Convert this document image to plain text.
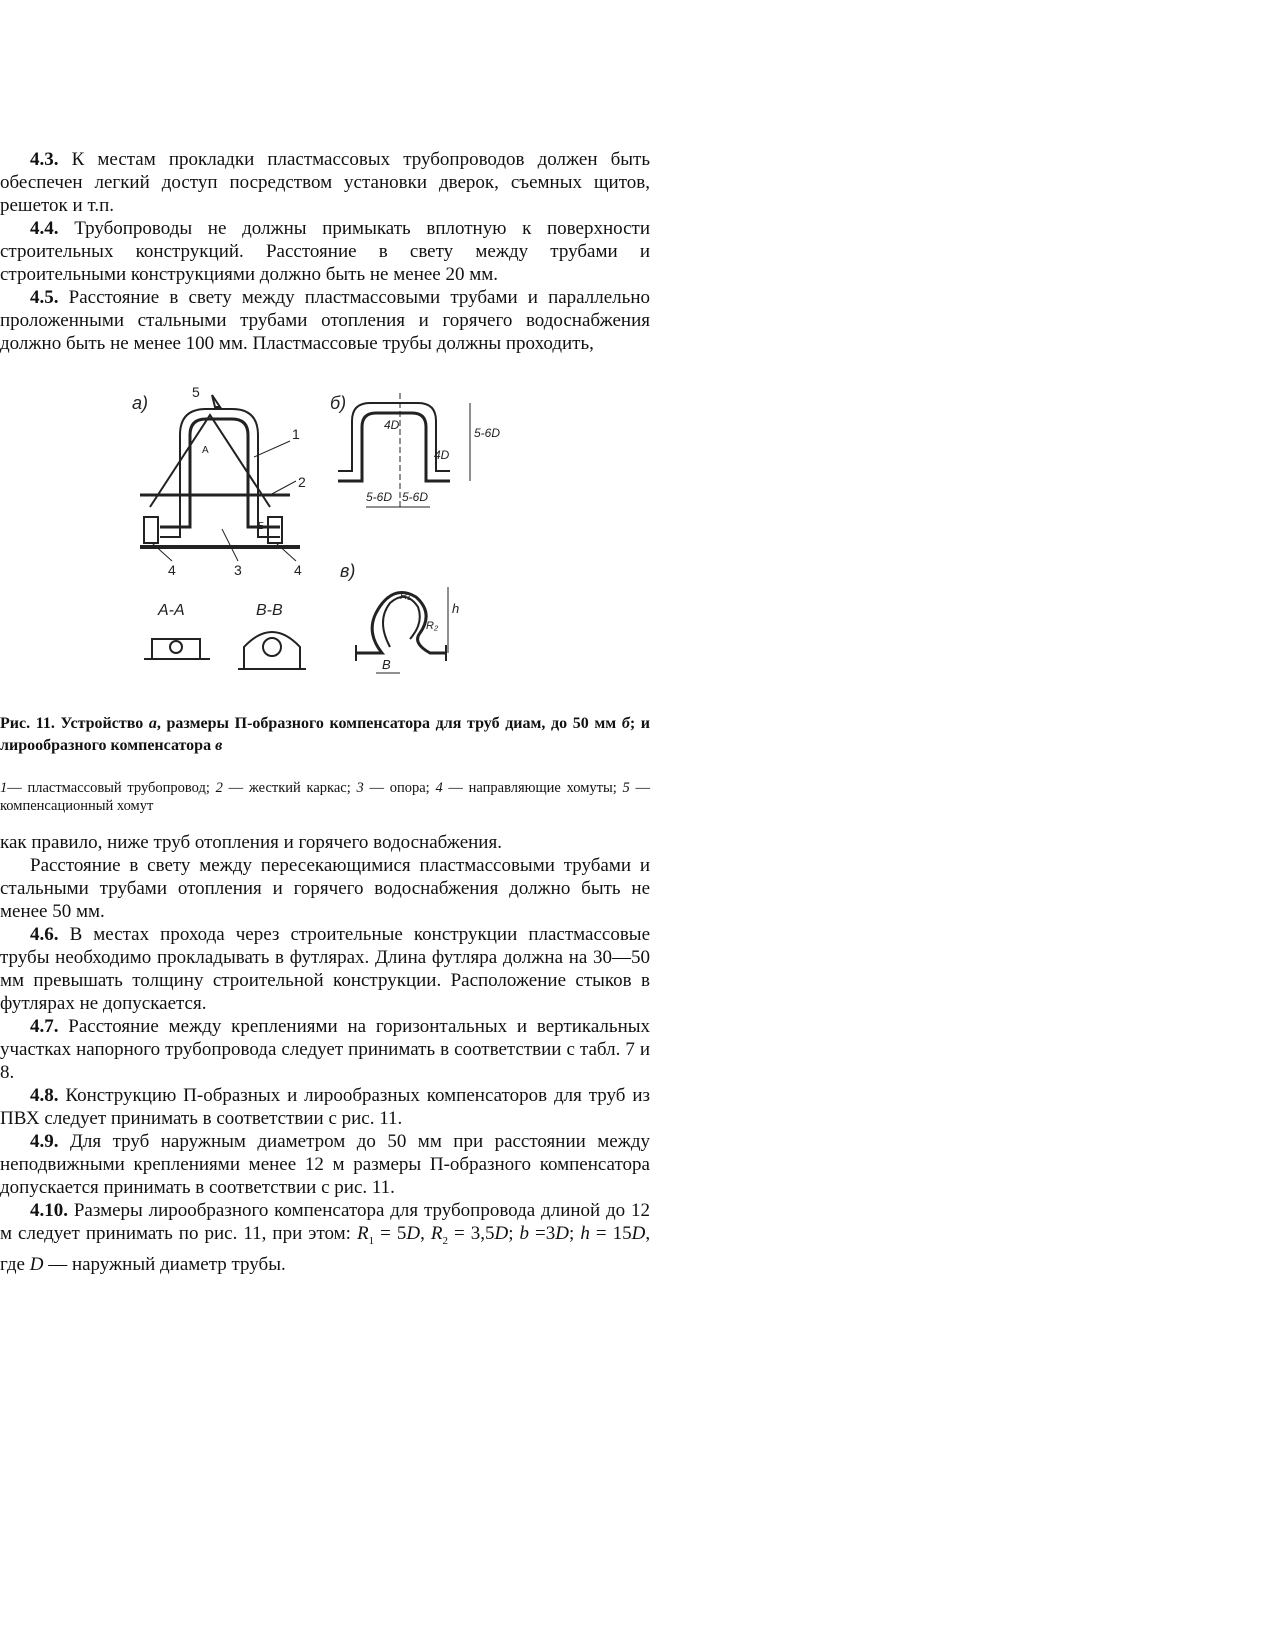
4.3. К местам прокладки пластмассовых трубопроводов должен быть обеспечен легкий доступ посредством установки дверок, съемных щитов, решеток и т.п.

4.4. Трубопроводы не должны примыкать вплотную к поверхности строительных конструкций. Расстояние в свету между трубами и строительными конструкциями должно быть не менее 20 мм.

4.5. Расстояние в свету между пластмассовыми трубами и параллельно проложенными стальными трубами отопления и горячего водоснабжения должно быть не менее 100 мм. Пластмассовые трубы должны проходить,

а)
5
1
2
4	3	4
А
Б
А-А	В-В
б)
5-6D 5-6D
5-6D
4D
4D
в)
h
R₁
R₂
В

Рис. 11. Устройство а, размеры П-образного компенсатора для труб диам, до 50 мм б; и лирообразного компенсатора в

1— пластмассовый трубопровод; 2 — жесткий каркас; 3 — опора; 4 — направляющие хомуты; 5 — компенсационный хомут

как правило, ниже труб отопления и горячего водоснабжения.

Расстояние в свету между пересекающимися пластмассовыми трубами и стальными трубами отопления и горячего водоснабжения должно быть не менее 50 мм.

4.6. В местах прохода через строительные конструкции пластмассовые трубы необходимо прокладывать в футлярах. Длина футляра должна на 30—50 мм превышать толщину строительной конструкции. Расположение стыков в футлярах не допускается.

4.7. Расстояние между креплениями на горизонтальных и вертикальных участках напорного трубопровода следует принимать в соответствии с табл. 7 и 8.

4.8. Конструкцию П-образных и лирообразных компенсаторов для труб из ПВХ следует принимать в соответствии с рис. 11.

4.9. Для труб наружным диаметром до 50 мм при расстоянии между неподвижными креплениями менее 12 м размеры П-образного компенсатора допускается принимать в соответствии с рис. 11.

4.10. Размеры лирообразного компенсатора для трубопровода длиной до 12 м следует принимать по рис. 11, при этом: $R_1 = 5D$, $R_2 = 3,5D$; b =3D; h = 15D, где D — наружный диаметр трубы.
